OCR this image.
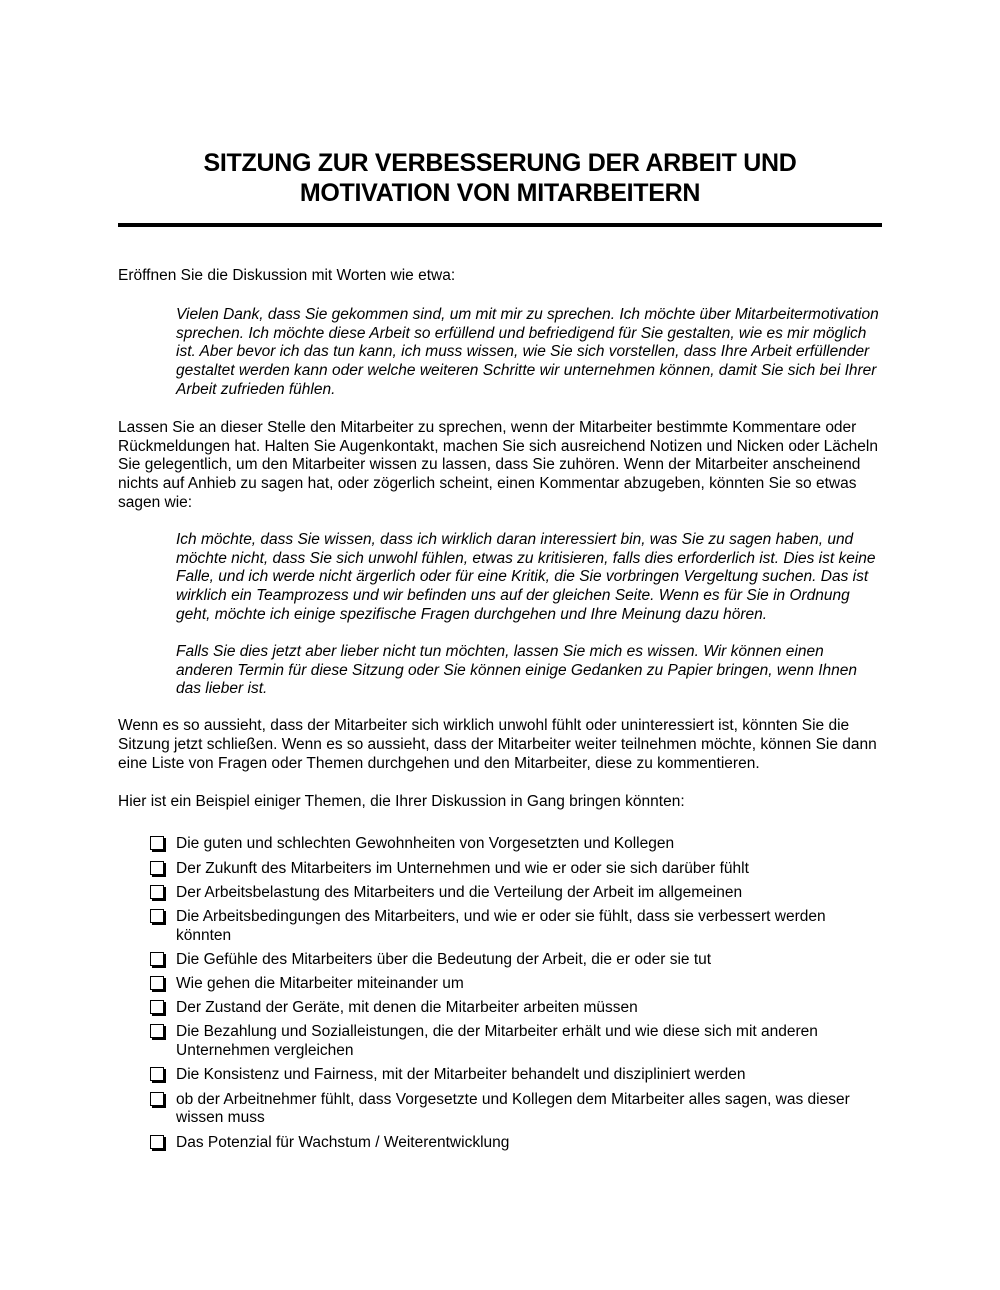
SITZUNG ZUR VERBESSERUNG DER ARBEIT UND
MOTIVATION VON MITARBEITERN

Eröffnen Sie die Diskussion mit Worten wie etwa:

Vielen Dank, dass Sie gekommen sind, um mit mir zu sprechen. Ich möchte über Mitarbeitermotivation sprechen. Ich möchte diese Arbeit so erfüllend und befriedigend für Sie gestalten, wie es mir möglich ist. Aber bevor ich das tun kann, ich muss wissen, wie Sie sich vorstellen, dass Ihre Arbeit erfüllender gestaltet werden kann oder welche weiteren Schritte wir unternehmen können, damit Sie sich bei Ihrer Arbeit zufrieden fühlen.

Lassen Sie an dieser Stelle den Mitarbeiter zu sprechen, wenn der Mitarbeiter bestimmte Kommentare oder Rückmeldungen hat. Halten Sie Augenkontakt, machen Sie sich ausreichend Notizen und Nicken oder Lächeln Sie gelegentlich, um den Mitarbeiter wissen zu lassen, dass Sie zuhören. Wenn der Mitarbeiter anscheinend nichts auf Anhieb zu sagen hat, oder zögerlich scheint, einen Kommentar abzugeben, könnten Sie so etwas sagen wie:

Ich möchte, dass Sie wissen, dass ich wirklich daran interessiert bin, was Sie zu sagen haben, und möchte nicht, dass Sie sich unwohl fühlen, etwas zu kritisieren, falls dies erforderlich ist. Dies ist keine Falle, und ich werde nicht ärgerlich oder für eine Kritik, die Sie vorbringen Vergeltung suchen. Das ist wirklich ein Teamprozess und wir befinden uns auf der gleichen Seite. Wenn es für Sie in Ordnung geht, möchte ich einige spezifische Fragen durchgehen und Ihre Meinung dazu hören.

Falls Sie dies jetzt aber lieber nicht tun möchten, lassen Sie mich es wissen. Wir können einen anderen Termin für diese Sitzung oder Sie können einige Gedanken zu Papier bringen, wenn Ihnen das lieber ist.

Wenn es so aussieht, dass der Mitarbeiter sich wirklich unwohl fühlt oder uninteressiert ist, könnten Sie die Sitzung jetzt schließen. Wenn es so aussieht, dass der Mitarbeiter weiter teilnehmen möchte, können Sie dann eine Liste von Fragen oder Themen durchgehen und den Mitarbeiter, diese zu kommentieren.

Hier ist ein Beispiel einiger Themen, die Ihrer Diskussion in Gang bringen könnten:

Die guten und schlechten Gewohnheiten von Vorgesetzten und Kollegen
Der Zukunft des Mitarbeiters im Unternehmen und wie er oder sie sich darüber fühlt
Der Arbeitsbelastung des Mitarbeiters und die Verteilung der Arbeit im allgemeinen
Die Arbeitsbedingungen des Mitarbeiters, und wie er oder sie fühlt, dass sie verbessert werden könnten
Die Gefühle des Mitarbeiters über die Bedeutung der Arbeit, die er oder sie tut
Wie gehen die Mitarbeiter miteinander um
Der Zustand der Geräte, mit denen die Mitarbeiter arbeiten müssen
Die Bezahlung und Sozialleistungen, die der Mitarbeiter erhält und wie diese sich mit anderen Unternehmen vergleichen
Die Konsistenz und Fairness, mit der Mitarbeiter behandelt und diszipliniert werden
ob der Arbeitnehmer fühlt, dass Vorgesetzte und Kollegen dem Mitarbeiter alles sagen, was dieser wissen muss
Das Potenzial für Wachstum / Weiterentwicklung
